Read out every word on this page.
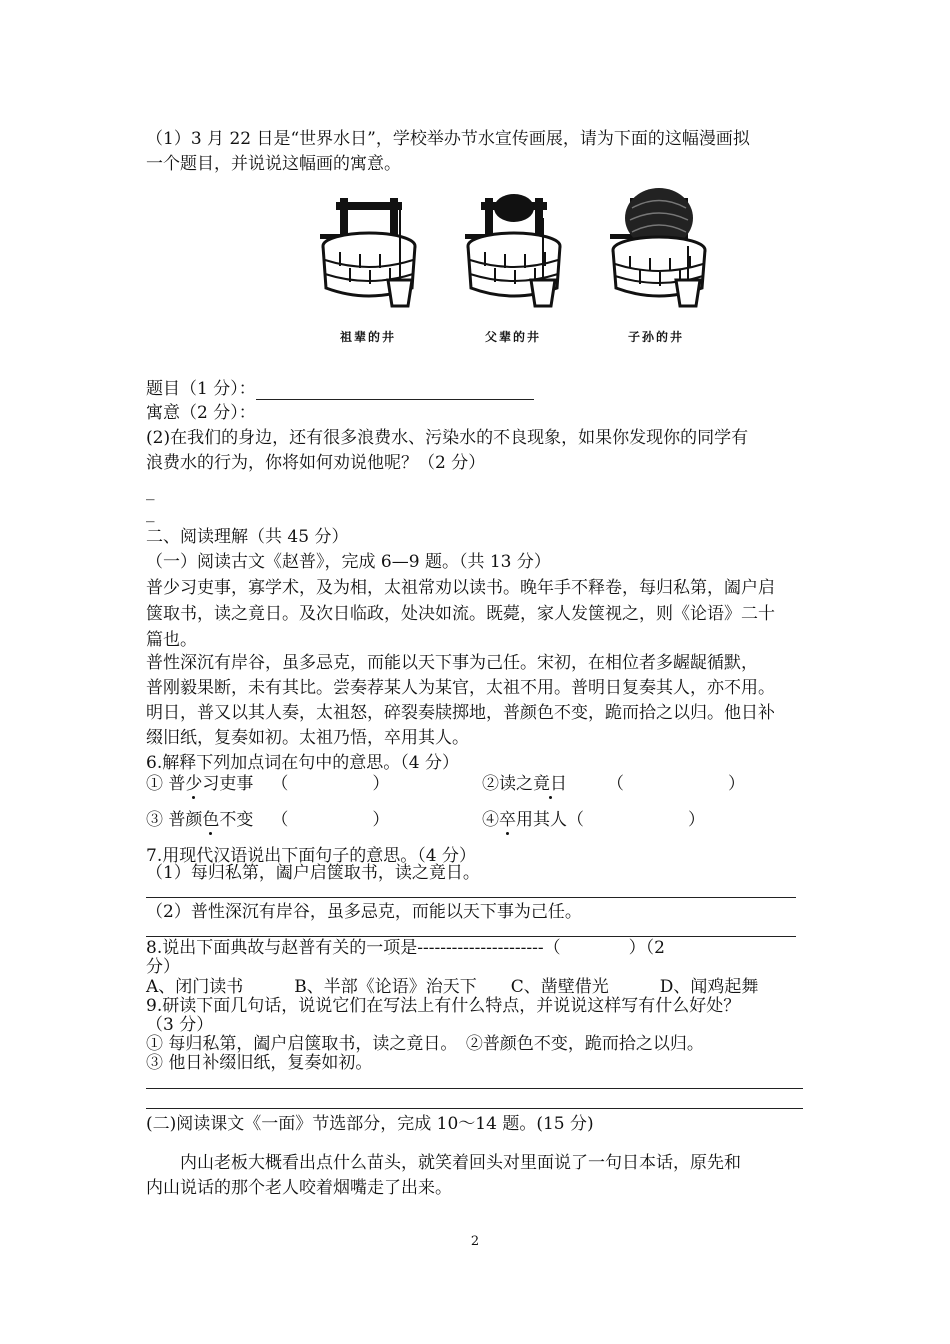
（1）3 月 22 日是“世界水日”，学校举办节水宣传画展，请为下面的这幅漫画拟
一个题目，并说说这幅画的寓意。
祖辈的井	父辈的井	子孙的井
题目（1 分）：
寓意（2 分）：
(2)在我们的身边，还有很多浪费水、污染水的不良现象，如果你发现你的同学有
浪费水的行为，你将如何劝说他呢？（2 分）
_
_
二、阅读理解（共 45 分）
（一）阅读古文《赵普》，完成 6—9 题。（共 13 分）
普少习吏事，寡学术，及为相，太祖常劝以读书。晚年手不释卷，每归私第，阖户启
箧取书，读之竟日。及次日临政，处决如流。既薨，家人发箧视之，则《论语》二十
篇也。
普性深沉有岸谷，虽多忌克，而能以天下事为己任。宋初，在相位者多龌龊循默，
普刚毅果断，未有其比。尝奏荐某人为某官，太祖不用。普明日复奏其人，亦不用。
明日，普又以其人奏，太祖怒，碎裂奏牍掷地，普颜色不变，跪而拾之以归。他日补
缀旧纸，复奏如初。太祖乃悟，卒用其人。
6.解释下列加点词在句中的意思。（4 分）
① 普少习吏事 （	）	②读之竟日 （	）
③ 普颜色不变 （	）	④卒用其人（	）
7.用现代汉语说出下面句子的意思。（4 分）
（1）每归私第，阖户启箧取书，读之竟日。
（2）普性深沉有岸谷，虽多忌克，而能以天下事为己任。
8.说出下面典故与赵普有关的一项是----------------------（　　　　）（2
分）
A、闭门读书　　　B、半部《论语》治天下　　C、凿壁借光　　　D、闻鸡起舞
9.研读下面几句话，说说它们在写法上有什么特点，并说说这样写有什么好处？
（3 分）
① 每归私第，阖户启箧取书，读之竟日。　②普颜色不变，跪而拾之以归。
③ 他日补缀旧纸，复奏如初。
(二)阅读课文《一面》节选部分，完成 10～14 题。(15 分)
　　内山老板大概看出点什么苗头，就笑着回头对里面说了一句日本话，原先和
内山说话的那个老人咬着烟嘴走了出来。
2
